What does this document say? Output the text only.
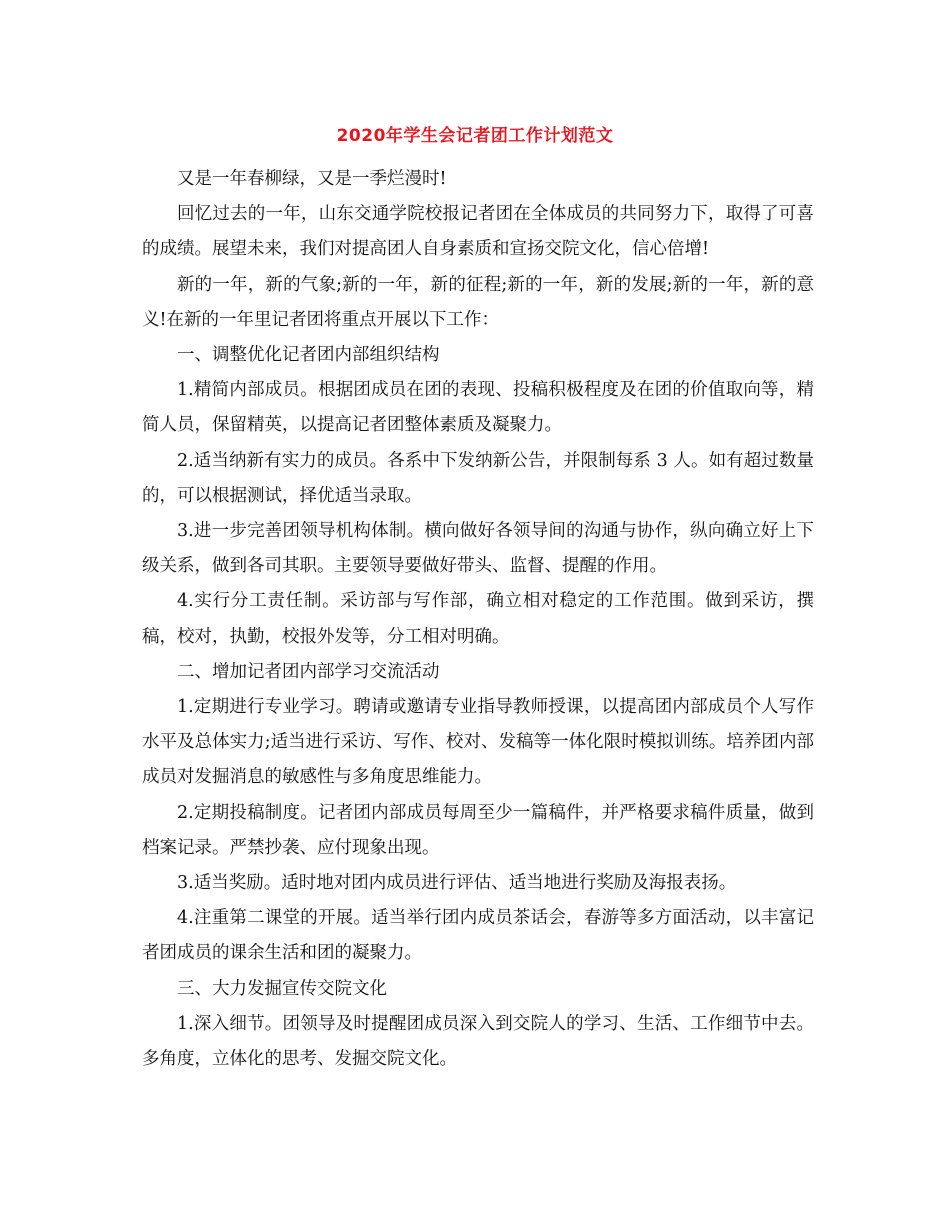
2020年学生会记者团工作计划范文

又是一年春柳绿，又是一季烂漫时!

回忆过去的一年，山东交通学院校报记者团在全体成员的共同努力下，取得了可喜的成绩。展望未来，我们对提高团人自身素质和宣扬交院文化，信心倍增!

新的一年，新的气象;新的一年，新的征程;新的一年，新的发展;新的一年，新的意义!在新的一年里记者团将重点开展以下工作：

一、调整优化记者团内部组织结构

1.精简内部成员。根据团成员在团的表现、投稿积极程度及在团的价值取向等，精简人员，保留精英，以提高记者团整体素质及凝聚力。

2.适当纳新有实力的成员。各系中下发纳新公告，并限制每系 3 人。如有超过数量的，可以根据测试，择优适当录取。

3.进一步完善团领导机构体制。横向做好各领导间的沟通与协作，纵向确立好上下级关系，做到各司其职。主要领导要做好带头、监督、提醒的作用。

4.实行分工责任制。采访部与写作部，确立相对稳定的工作范围。做到采访，撰稿，校对，执勤，校报外发等，分工相对明确。

二、增加记者团内部学习交流活动

1.定期进行专业学习。聘请或邀请专业指导教师授课，以提高团内部成员个人写作水平及总体实力;适当进行采访、写作、校对、发稿等一体化限时模拟训练。培养团内部成员对发掘消息的敏感性与多角度思维能力。

2.定期投稿制度。记者团内部成员每周至少一篇稿件，并严格要求稿件质量，做到档案记录。严禁抄袭、应付现象出现。

3.适当奖励。适时地对团内成员进行评估、适当地进行奖励及海报表扬。

4.注重第二课堂的开展。适当举行团内成员茶话会，春游等多方面活动，以丰富记者团成员的课余生活和团的凝聚力。

三、大力发掘宣传交院文化

1.深入细节。团领导及时提醒团成员深入到交院人的学习、生活、工作细节中去。多角度，立体化的思考、发掘交院文化。
